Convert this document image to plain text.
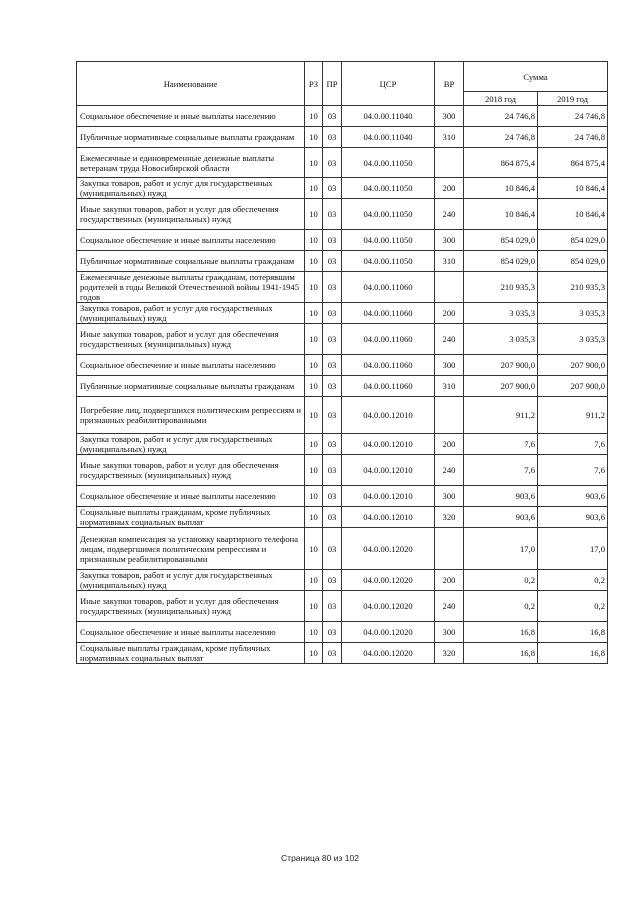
Наименование	РЗ	ПР	ЦСР	ВР	Сумма	
					2018 год	2019 год
Социальное обеспечение и иные выплаты населению	10	03	04.0.00.11040	300	24 746,8	24 746,8
Публичные нормативные социальные выплаты гражданам	10	03	04.0.00.11040	310	24 746,8	24 746,8
Ежемесячные и единовременные денежные выплаты ветеранам труда Новосибирской области	10	03	04.0.00.11050		864 875,4	864 875,4
Закупка товаров, работ и услуг для государственных (муниципальных) нужд	10	03	04.0.00.11050	200	10 846,4	10 846,4
Иные закупки товаров, работ и услуг для обеспечения государственных (муниципальных) нужд	10	03	04.0.00.11050	240	10 846,4	10 846,4
Социальное обеспечение и иные выплаты населению	10	03	04.0.00.11050	300	854 029,0	854 029,0
Публичные нормативные социальные выплаты гражданам	10	03	04.0.00.11050	310	854 029,0	854 029,0
Ежемесячные денежные выплаты гражданам, потерявшим родителей в годы Великой Отечественной войны 1941-1945 годов	10	03	04.0.00.11060		210 935,3	210 935,3
Закупка товаров, работ и услуг для государственных (муниципальных) нужд	10	03	04.0.00.11060	200	3 035,3	3 035,3
Иные закупки товаров, работ и услуг для обеспечения государственных (муниципальных) нужд	10	03	04.0.00.11060	240	3 035,3	3 035,3
Социальное обеспечение и иные выплаты населению	10	03	04.0.00.11060	300	207 900,0	207 900,0
Публичные нормативные социальные выплаты гражданам	10	03	04.0.00.11060	310	207 900,0	207 900,0
Погребение лиц, подвергшихся политическим репрессиям и признанных реабилитированными	10	03	04.0.00.12010		911,2	911,2
Закупка товаров, работ и услуг для государственных (муниципальных) нужд	10	03	04.0.00.12010	200	7,6	7,6
Иные закупки товаров, работ и услуг для обеспечения государственных (муниципальных) нужд	10	03	04.0.00.12010	240	7,6	7,6
Социальное обеспечение и иные выплаты населению	10	03	04.0.00.12010	300	903,6	903,6
Социальные выплаты гражданам, кроме публичных нормативных социальных выплат	10	03	04.0.00.12010	320	903,6	903,6
Денежная компенсация за установку квартирного телефона лицам, подвергшимся политическим репрессиям и признанным реабилитированными	10	03	04.0.00.12020		17,0	17,0
Закупка товаров, работ и услуг для государственных (муниципальных) нужд	10	03	04.0.00.12020	200	0,2	0,2
Иные закупки товаров, работ и услуг для обеспечения государственных (муниципальных) нужд	10	03	04.0.00.12020	240	0,2	0,2
Социальное обеспечение и иные выплаты населению	10	03	04.0.00.12020	300	16,8	16,8
Социальные выплаты гражданам, кроме публичных нормативных социальных выплат	10	03	04.0.00.12020	320	16,8	16,8
Страница 80 из 102
